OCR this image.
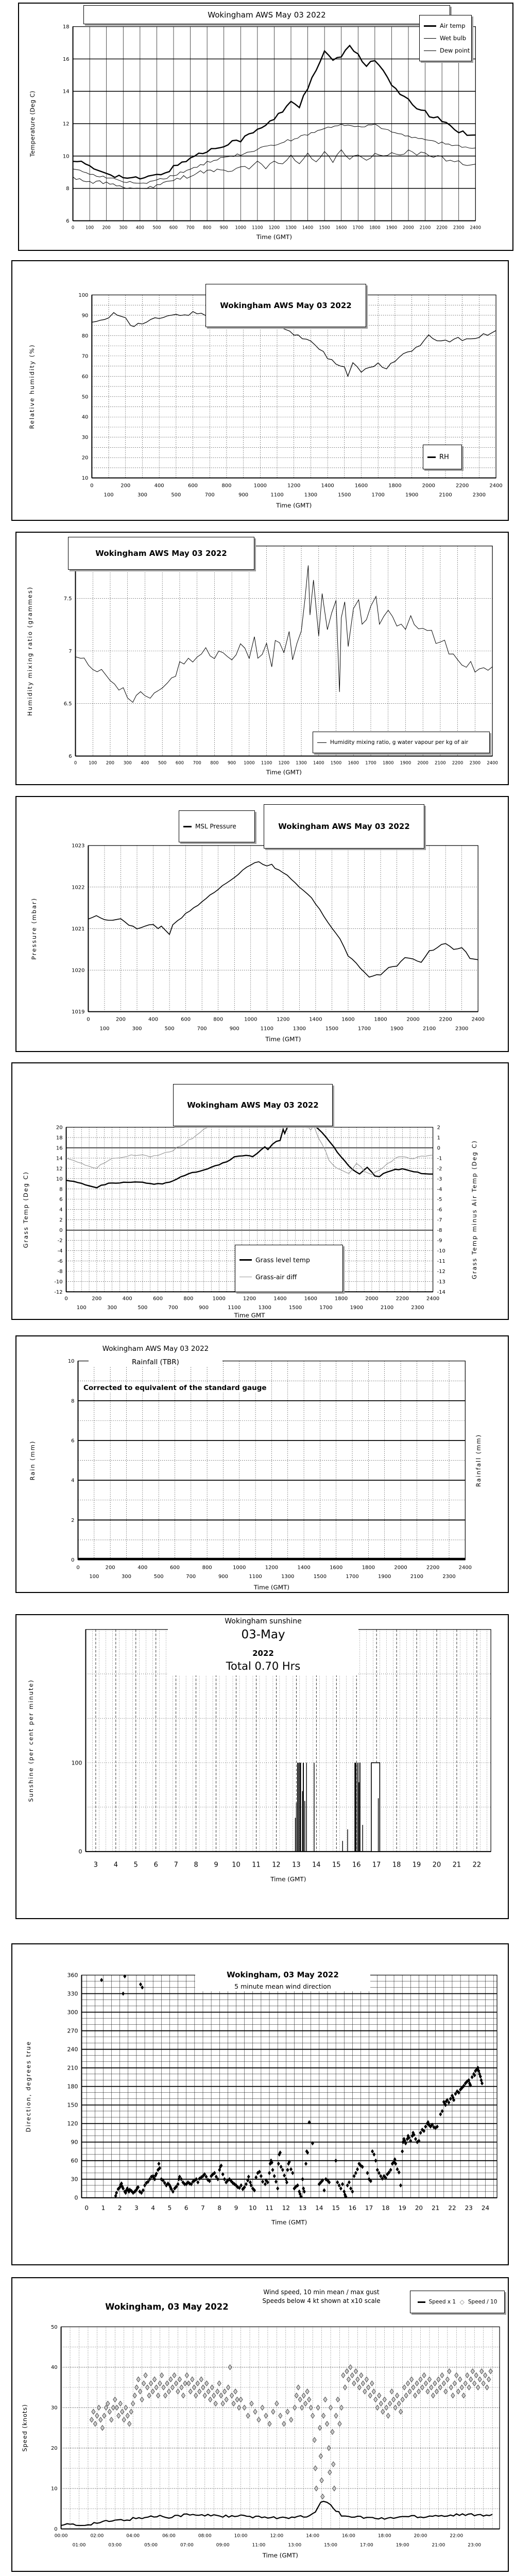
0	100 200 300 400 500 600 700 800 900 1000 1100 1200 1300 1400 1500 1600 1700 1800 1900 2000 2100 2200 2300 2400
6
8
10
12
14
16
18
Time (GMT)
Temperature (Deg C)
Wokingham AWS May 03 2022
Air temp
Wet bulb
Dew point
0
100
200
300
400
500
600
700
800
900
1000
1100
1200
1300
1400
1500
1600
1700
1800
1900
2000
2100
2200
2300
2400
10
20
30
40
50
60
70
80
90
100
Time (GMT)
Relative humidity (%)
Wokingham AWS May 03 2022
RH
0	100 200 300 400 500 600 700 800 900 1000 1100 1200 1300 1400 1500 1600 1700 1800 1900 2000 2100 2200 2300 2400
6
6.5
7
7.5
Time (GMT)
Humidity mixing ratio (grammes)
Wokingham AWS May 03 2022
Humidity mixing ratio, g water vapour per kg of air
0
100
200
300
400
500
600
700
800
900
1000
1100
1200
1300
1400
1500
1600
1700
1800
1900
2000
2100
2200
2300
2400
1019
1020
1021
1022
1023
Time (GMT)
Pressure (mbar)
MSL Pressure	Wokingham AWS May 03 2022
0
100
200
300
400
500
600
700
800
900
1000
1100
1200
1300
1400
1500
1600
1700
1800
1900
2000
2100
2200
2300
2400
-12
-10
-8
-6
-4
-2
0
2
4
6
8
10
12
14
16
18
20
-14
-13
-12
-11
-10
-9
-8
-7
-6
-5
-4
-3
-2
-1
0
1
2
Time GMT
Grass Temp (Deg C)	Grass Temp minus Air Temp (Deg C)
Wokingham AWS May 03 2022
Grass level temp
Grass-air diff
0
100
200
300
400
500
600
700
800
900
1000
1100
1200
1300
1400
1500
1600
1700
1800
1900
2000
2100
2200
2300
2400
0
2
4
6
8
10
Time (GMT)
Rain (mm)	Rainfall (mm)
Wokingham AWS May 03 2022
Rainfall (TBR)
Corrected to equivalent of the standard gauge
3 4 5 6 7 8 9 10 11 12 13 14 15 16 17 18 19 20 21 22
0
100
Time (GMT)
Sunshine (per cent per minute)
Wokingham sunshine
03-May
2022
Total 0.70 Hrs
0 1 2 3 4 5 6 7 8 9 10 11 12 13 14 15 16 17 18 19 20 21 22 23 24
0
30
60
90
120
150
180
210
240
270
300
330
360
Time (GMT)
Direction, degrees true
Wokingham, 03 May 2022
5 minute mean wind direction
00:00
01:00
02:00
03:00
04:00
05:00
06:00
07:00
08:00
09:00
10:00
11:00
12:00
13:00
14:00
15:00
16:00
17:00
18:00
19:00
20:00
21:00
22:00
23:00
0
10
20
30
40
50
Time (GMT)
Speed (knots)
Wokingham, 03 May 2022
Wind speed, 10 min mean / max gust
Speeds below 4 kt shown at x10 scale	Speed x 1 ◇ Speed / 10
